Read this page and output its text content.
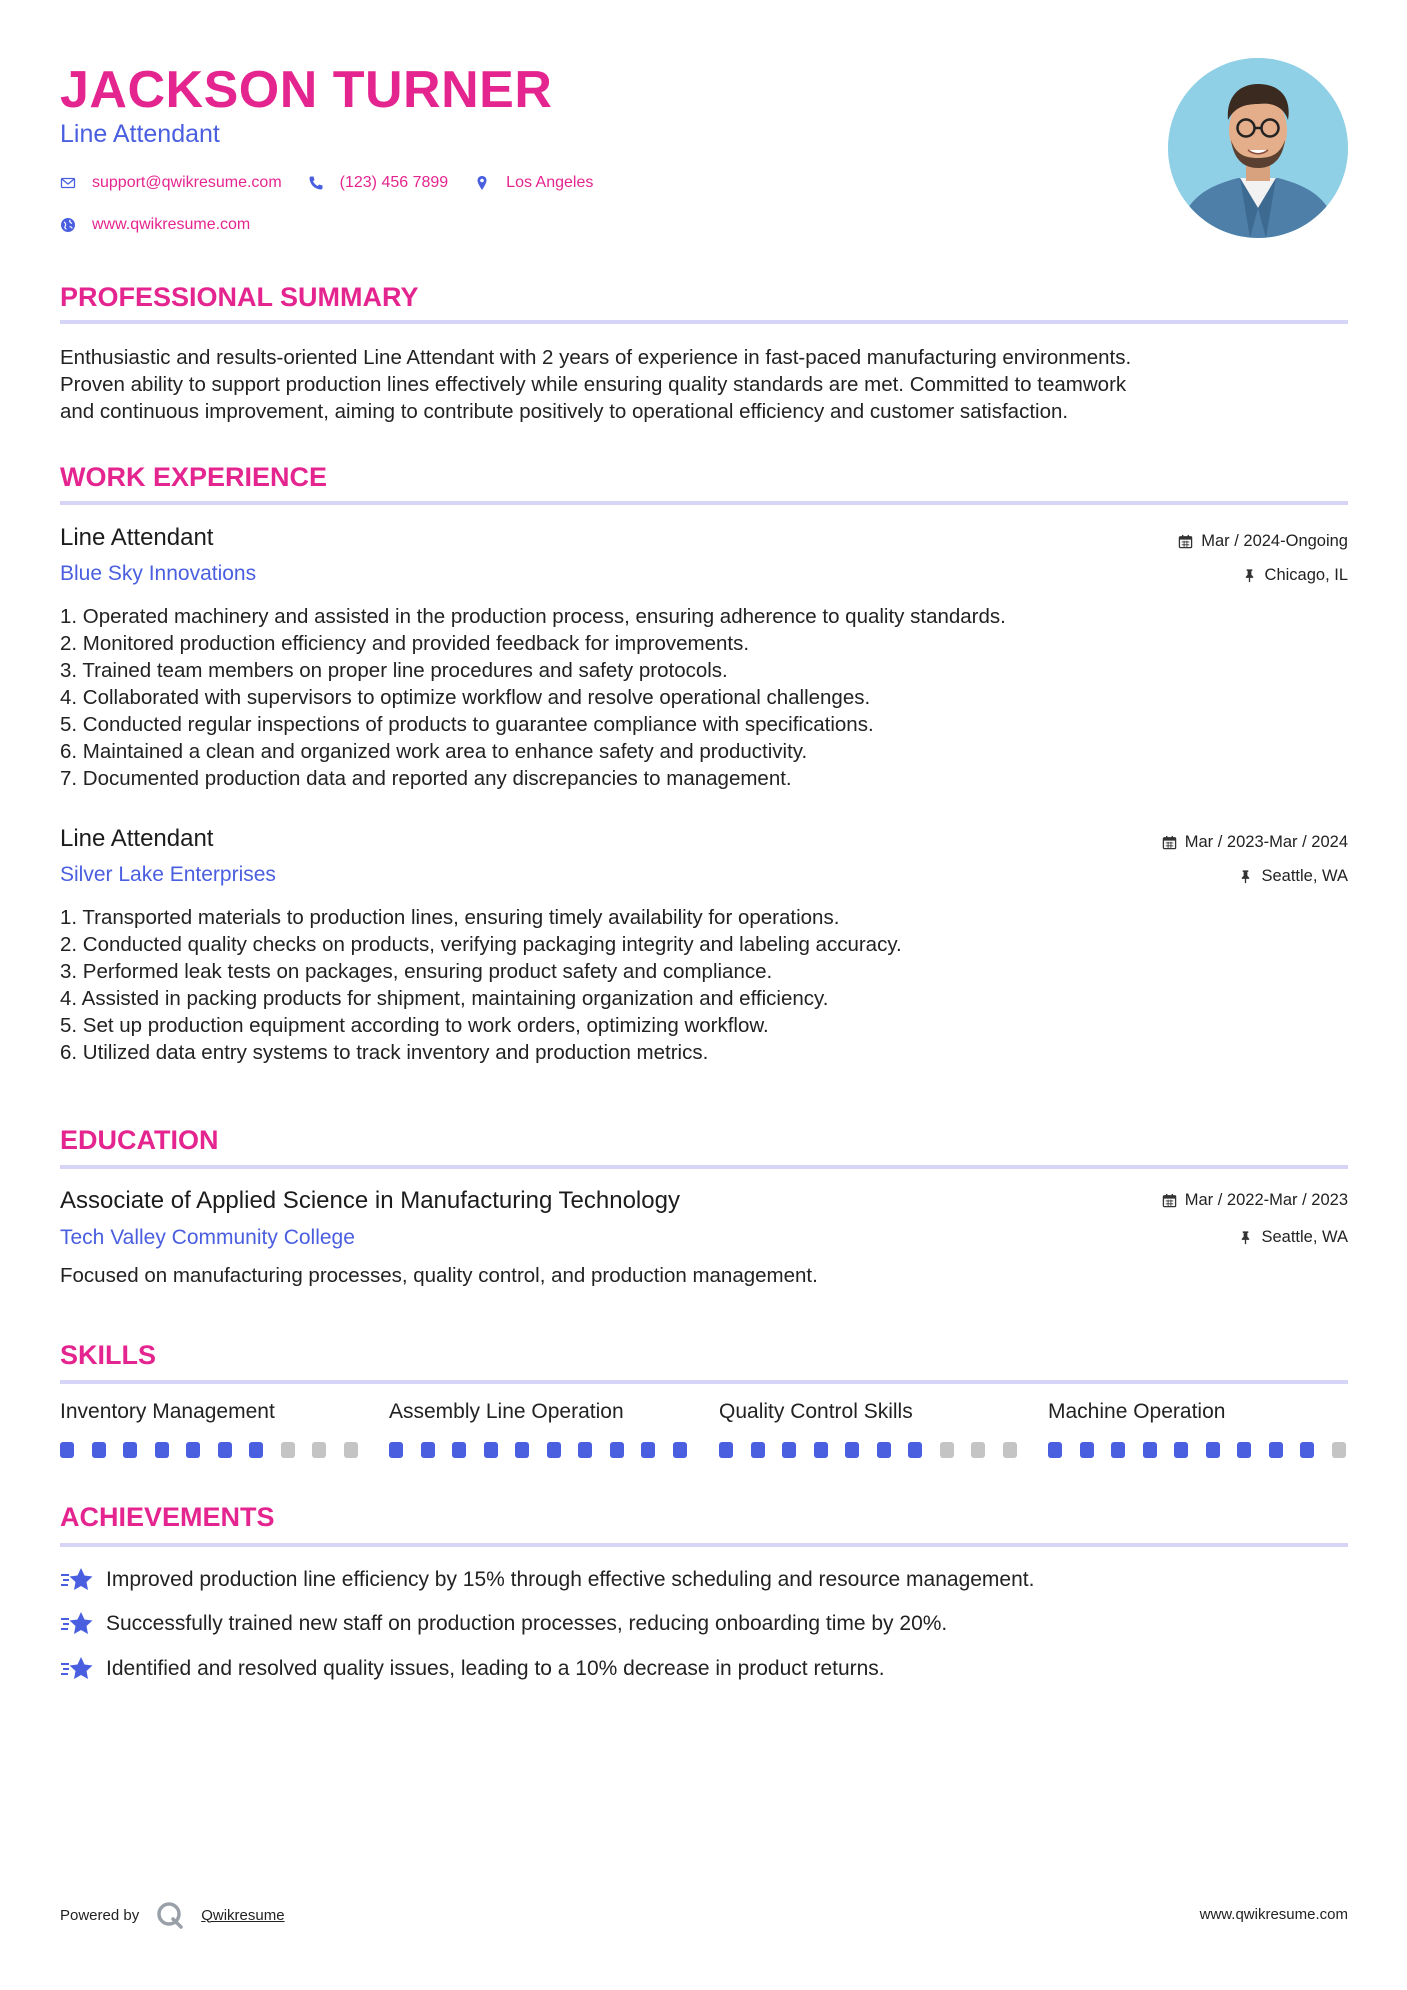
JACKSON TURNER
Line Attendant
support@qwikresume.com	(123) 456 7899	Los Angeles
www.qwikresume.com
PROFESSIONAL SUMMARY
Enthusiastic and results-oriented Line Attendant with 2 years of experience in fast-paced manufacturing environments.
Proven ability to support production lines effectively while ensuring quality standards are met. Committed to teamwork
and continuous improvement, aiming to contribute positively to operational efficiency and customer satisfaction.
WORK EXPERIENCE
Line Attendant	Mar / 2024-Ongoing
Blue Sky Innovations	Chicago, IL
1. Operated machinery and assisted in the production process, ensuring adherence to quality standards.
2. Monitored production efficiency and provided feedback for improvements.
3. Trained team members on proper line procedures and safety protocols.
4. Collaborated with supervisors to optimize workflow and resolve operational challenges.
5. Conducted regular inspections of products to guarantee compliance with specifications.
6. Maintained a clean and organized work area to enhance safety and productivity.
7. Documented production data and reported any discrepancies to management.
Line Attendant	Mar / 2023-Mar / 2024
Silver Lake Enterprises	Seattle, WA
1. Transported materials to production lines, ensuring timely availability for operations.
2. Conducted quality checks on products, verifying packaging integrity and labeling accuracy.
3. Performed leak tests on packages, ensuring product safety and compliance.
4. Assisted in packing products for shipment, maintaining organization and efficiency.
5. Set up production equipment according to work orders, optimizing workflow.
6. Utilized data entry systems to track inventory and production metrics.
EDUCATION
Associate of Applied Science in Manufacturing Technology	Mar / 2022-Mar / 2023
Tech Valley Community College	Seattle, WA
Focused on manufacturing processes, quality control, and production management.
SKILLS
Inventory Management	Assembly Line Operation	Quality Control Skills	Machine Operation
ACHIEVEMENTS
Improved production line efficiency by 15% through effective scheduling and resource management.
Successfully trained new staff on production processes, reducing onboarding time by 20%.
Identified and resolved quality issues, leading to a 10% decrease in product returns.
Powered by	Qwikresume	www.qwikresume.com
